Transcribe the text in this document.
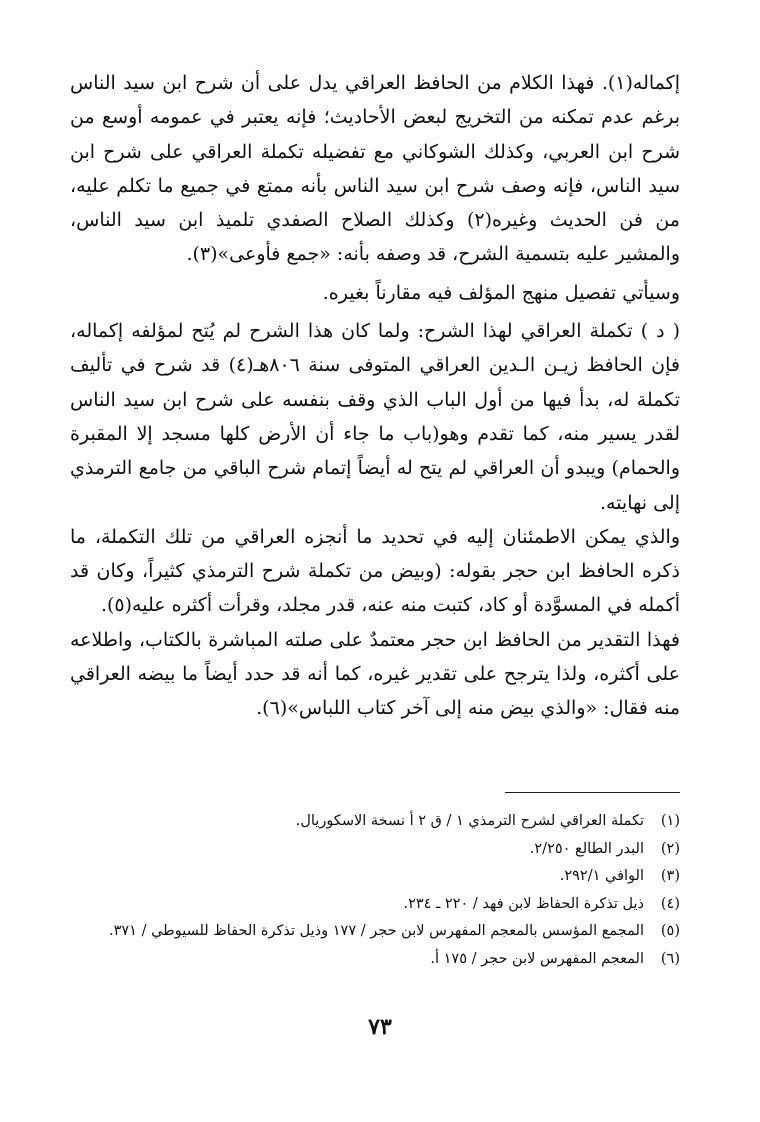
إكماله(١). فهذا الكلام من الحافظ العراقي يدل على أن شرح ابن سيد الناس برغم عدم تمكنه من التخريج لبعض الأحاديث؛ فإنه يعتبر في عمومه أوسع من شرح ابن العربي، وكذلك الشوكاني مع تفضيله تكملة العراقي على شرح ابن سيد الناس، فإنه وصف شرح ابن سيد الناس بأنه ممتع في جميع ما تكلم عليه، من فن الحديث وغيره(٢) وكذلك الصلاح الصفدي تلميذ ابن سيد الناس، والمشير عليه بتسمية الشرح، قد وصفه بأنه: «جمع فأوعى»(٣).

وسيأتي تفصيل منهج المؤلف فيه مقارناً بغيره.

( د ) تكملة العراقي لهذا الشرح: ولما كان هذا الشرح لم يُتح لمؤلفه إكماله، فإن الحافظ زيـن الـدين العراقي المتوفى سنة ٨٠٦هـ(٤) قد شرح في تأليف تكملة له، بدأ فيها من أول الباب الذي وقف بنفسه على شرح ابن سيد الناس لقدر يسير منه، كما تقدم وهو(باب ما جاء أن الأرض كلها مسجد إلا المقبرة والحمام) ويبدو أن العراقي لم يتح له أيضاً إتمام شرح الباقي من جامع الترمذي إلى نهايته.

والذي يمكن الاطمئنان إليه في تحديد ما أنجزه العراقي من تلك التكملة، ما ذكره الحافظ ابن حجر بقوله: (وبيض من تكملة شرح الترمذي كثيراً، وكان قد أكمله في المسوَّدة أو كاد، كتبت منه عنه، قدر مجلد، وقرأت أكثره عليه(٥).

فهذا التقدير من الحافظ ابن حجر معتمدٌ على صلته المباشرة بالكتاب، واطلاعه على أكثره، ولذا يترجح على تقدير غيره، كما أنه قد حدد أيضاً ما بيضه العراقي منه فقال: «والذي بيض منه إلى آخر كتاب اللباس»(٦).

(١)
تكملة العراقي لشرح الترمذي ١ / ق ٢ أ نسخة الاسكوريال.
(٢)
البدر الطالع ٢/٢٥٠.
(٣)
الوافي ٢٩٢/١.
(٤)
ذيل تذكرة الحفاظ لابن فهد / ٢٢٠ ـ ٢٣٤.
(٥)
المجمع المؤسس بالمعجم المفهرس لابن حجر / ١٧٧ وذيل تذكرة الحفاظ للسيوطي / ٣٧١.
(٦)
المعجم المفهرس لابن حجر / ١٧٥ أ.
٧٣
